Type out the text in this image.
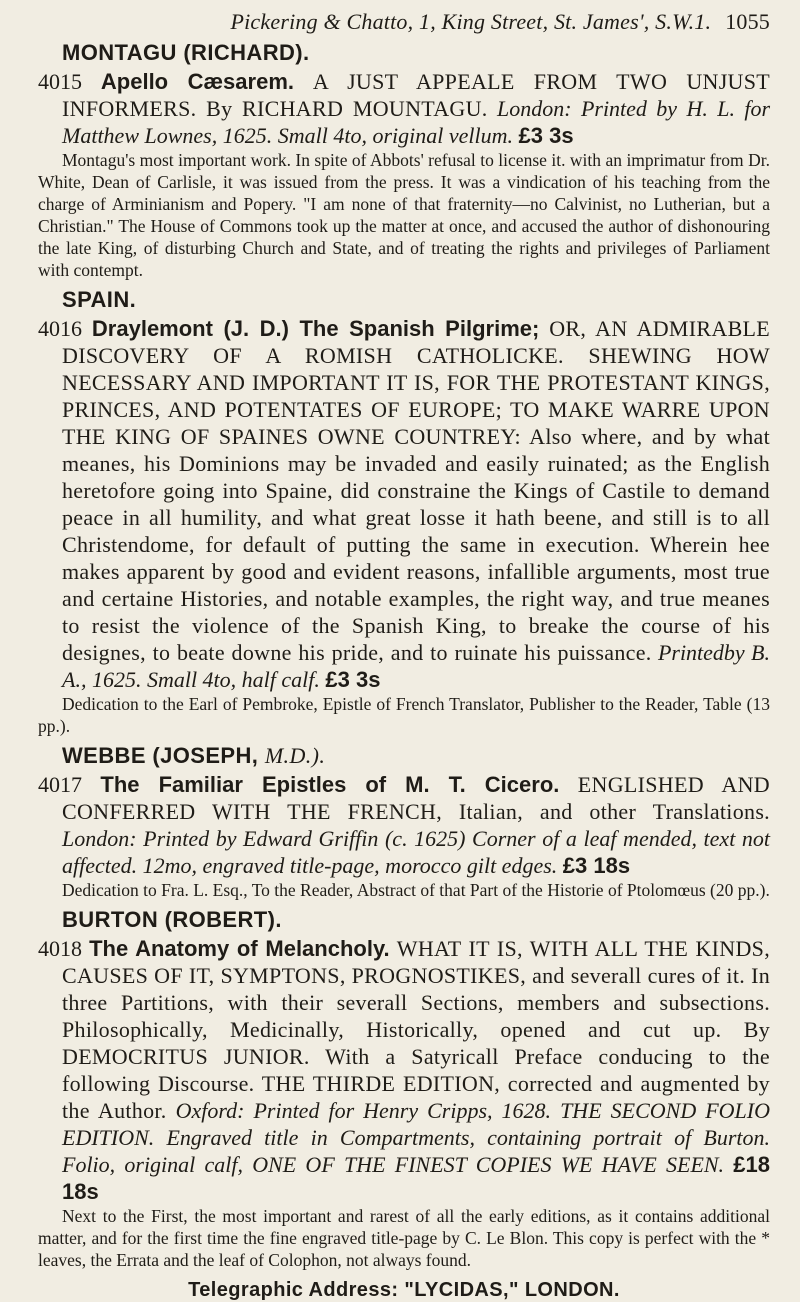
Pickering & Chatto, 1, King Street, St. James', S.W.1. 1055
MONTAGU (RICHARD).

4015 Apello Cæsarem. A JUST APPEALE FROM TWO UNJUST INFORMERS. By RICHARD MOUNTAGU. London: Printed by H. L. for Matthew Lownes, 1625. Small 4to, original vellum. £3 3s

Montagu's most important work. In spite of Abbots' refusal to license it. with an imprimatur from Dr. White, Dean of Carlisle, it was issued from the press. It was a vindication of his teaching from the charge of Arminianism and Popery. "I am none of that fraternity—no Calvinist, no Lutherian, but a Christian." The House of Commons took up the matter at once, and accused the author of dishonouring the late King, of disturbing Church and State, and of treating the rights and privileges of Parliament with contempt.

SPAIN.

4016 Draylemont (J. D.) The Spanish Pilgrime; OR, AN ADMIRABLE DISCOVERY OF A ROMISH CATHOLICKE. SHEWING HOW NECESSARY AND IMPORTANT IT IS, FOR THE PROTESTANT KINGS, PRINCES, AND POTENTATES OF EUROPE; TO MAKE WARRE UPON THE KING OF SPAINES OWNE COUNTREY: Also where, and by what meanes, his Dominions may be invaded and easily ruinated; as the English heretofore going into Spaine, did constraine the Kings of Castile to demand peace in all humility, and what great losse it hath beene, and still is to all Christendome, for default of putting the same in execution. Wherein hee makes apparent by good and evident reasons, infallible arguments, most true and certaine Histories, and notable examples, the right way, and true meanes to resist the violence of the Spanish King, to breake the course of his designes, to beate downe his pride, and to ruinate his puissance. Printedby B. A., 1625. Small 4to, half calf. £3 3s

Dedication to the Earl of Pembroke, Epistle of French Translator, Publisher to the Reader, Table (13 pp.).

WEBBE (JOSEPH, M.D.).

4017 The Familiar Epistles of M. T. Cicero. ENGLISHED AND CONFERRED WITH THE FRENCH, Italian, and other Translations. London: Printed by Edward Griffin (c. 1625) Corner of a leaf mended, text not affected. 12mo, engraved title-page, morocco gilt edges. £3 18s

Dedication to Fra. L. Esq., To the Reader, Abstract of that Part of the Historie of Ptolomœus (20 pp.).

BURTON (ROBERT).

4018 The Anatomy of Melancholy. WHAT IT IS, WITH ALL THE KINDS, CAUSES OF IT, SYMPTONS, PROGNOSTIKES, and severall cures of it. In three Partitions, with their severall Sections, members and subsections. Philosophically, Medicinally, Historically, opened and cut up. By DEMOCRITUS JUNIOR. With a Satyricall Preface conducing to the following Discourse. THE THIRDE EDITION, corrected and augmented by the Author. Oxford: Printed for Henry Cripps, 1628. THE SECOND FOLIO EDITION. Engraved title in Compartments, containing portrait of Burton. Folio, original calf, ONE OF THE FINEST COPIES WE HAVE SEEN. £18 18s

Next to the First, the most important and rarest of all the early editions, as it contains additional matter, and for the first time the fine engraved title-page by C. Le Blon. This copy is perfect with the * leaves, the Errata and the leaf of Colophon, not always found.

Telegraphic Address: "LYCIDAS," LONDON.
